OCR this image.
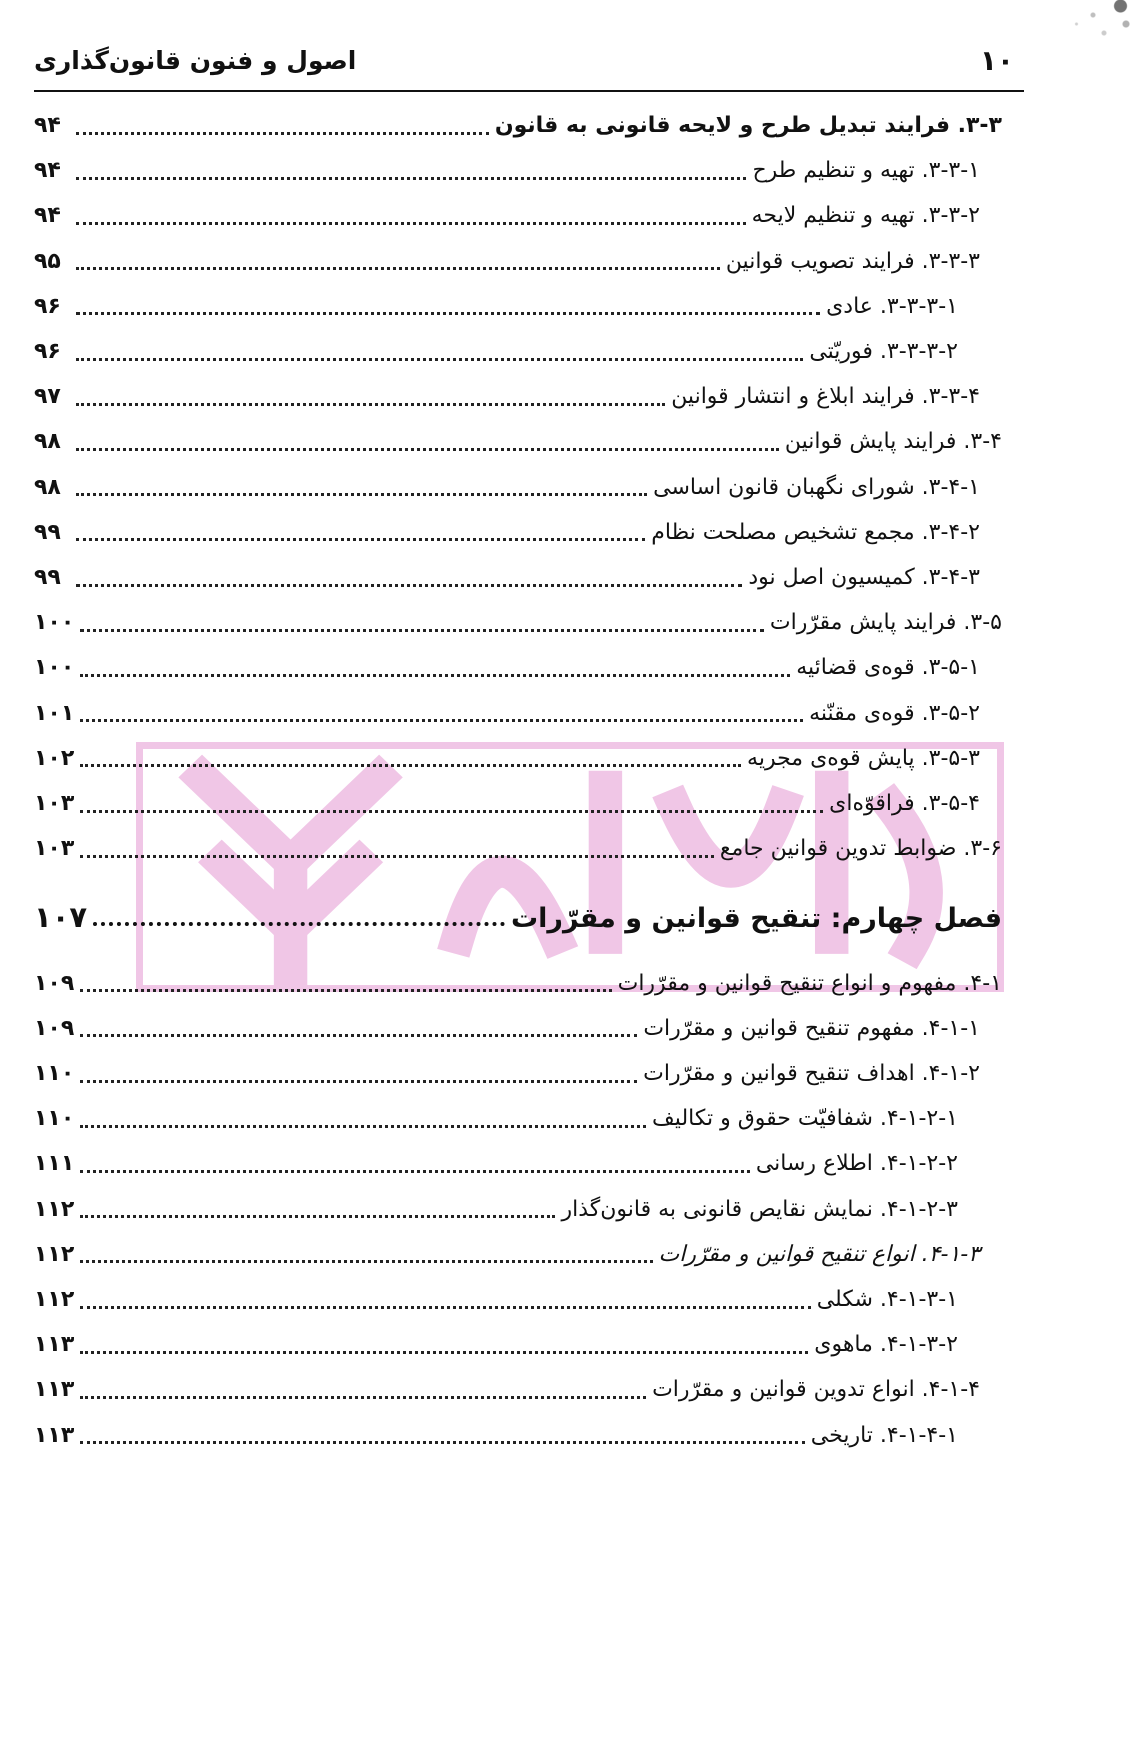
۱۰
اصول و فنون قانون‌گذاری
۳-۳. فرایند تبدیل طرح و لایحه قانونی به قانون
۹۴
۳-۳-۱. تهیه و تنظیم طرح
۹۴
۳-۳-۲. تهیه و تنظیم لایحه
۹۴
۳-۳-۳. فرایند تصویب قوانین
۹۵
۳-۳-۳-۱. عادی
۹۶
۳-۳-۳-۲. فوریّتی
۹۶
۳-۳-۴. فرایند ابلاغ و انتشار قوانین
۹۷
۳-۴. فرایند پایش قوانین
۹۸
۳-۴-۱. شورای نگهبان قانون اساسی
۹۸
۳-۴-۲. مجمع تشخیص مصلحت نظام
۹۹
۳-۴-۳. کمیسیون اصل نود
۹۹
۳-۵. فرایند پایش مقرّرات
۱۰۰
۳-۵-۱. قوه‌ی قضائیه
۱۰۰
۳-۵-۲. قوه‌ی مقنّنه
۱۰۱
۳-۵-۳. پایش قوه‌ی مجریه
۱۰۲
۳-۵-۴. فراقوّه‌ای
۱۰۳
۳-۶. ضوابط تدوین قوانین جامع
۱۰۳
فصل چهارم: تنقیح قوانین و مقرّرات
۱۰۷
۴-۱. مفهوم و انواع تنقیح قوانین و مقرّرات
۱۰۹
۴-۱-۱. مفهوم تنقیح قوانین و مقرّرات
۱۰۹
۴-۱-۲. اهداف تنقیح قوانین و مقرّرات
۱۱۰
۴-۱-۲-۱. شفافیّت حقوق و تکالیف
۱۱۰
۴-۱-۲-۲. اطلاع رسانی
۱۱۱
۴-۱-۲-۳. نمایش نقایص قانونی به قانون‌گذار
۱۱۲
۴-۱-۳. انواع تنقیح قوانین و مقرّرات
۱۱۲
۴-۱-۳-۱. شکلی
۱۱۲
۴-۱-۳-۲. ماهوی
۱۱۳
۴-۱-۴. انواع تدوین قوانین و مقرّرات
۱۱۳
۴-۱-۴-۱. تاریخی
۱۱۳
